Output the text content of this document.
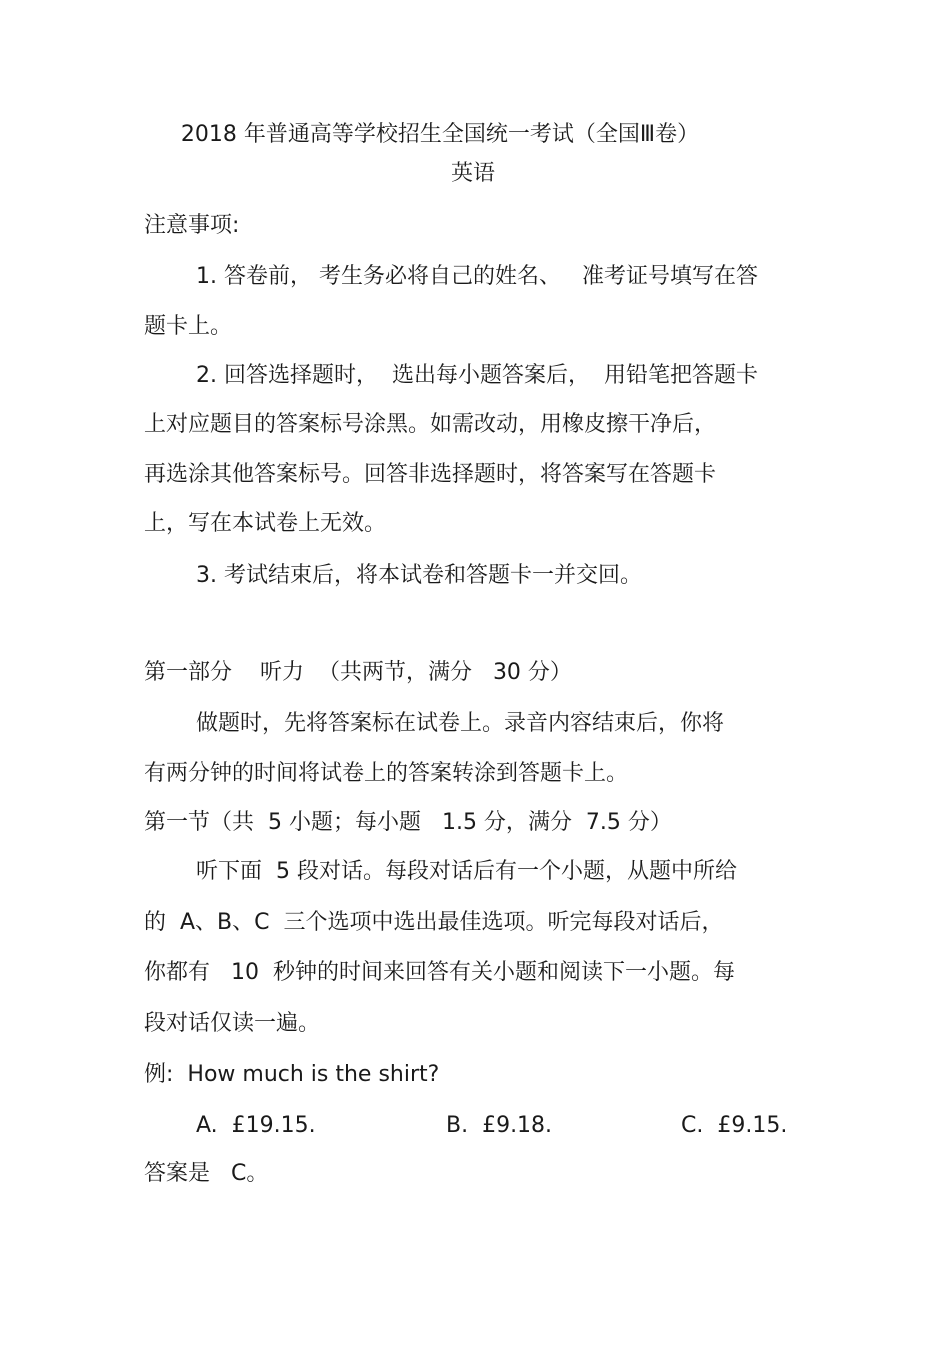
2018 年普通高等学校招生全国统一考试（全国Ⅲ卷）
英语
注意事项:
1. 答卷前， 考生务必将自己的姓名、   准考证号填写在答
题卡上。
2. 回答选择题时，  选出每小题答案后，  用铅笔把答题卡
上对应题目的答案标号涂黑。如需改动，用橡皮擦干净后，
再选涂其他答案标号。回答非选择题时，将答案写在答题卡
上，写在本试卷上无效。
3. 考试结束后，将本试卷和答题卡一并交回。
第一部分    听力  （共两节，满分   30 分）
做题时，先将答案标在试卷上。录音内容结束后，你将
有两分钟的时间将试卷上的答案转涂到答题卡上。
第一节（共  5 小题；每小题   1.5 分，满分  7.5 分）
听下面  5 段对话。每段对话后有一个小题，从题中所给
的  A、B、C  三个选项中选出最佳选项。听完每段对话后，
你都有   10  秒钟的时间来回答有关小题和阅读下一小题。每
段对话仅读一遍。
例:  How much is the shirt?
A.  £19.15.	B.  £9.18.	C.  £9.15.
答案是   C。
